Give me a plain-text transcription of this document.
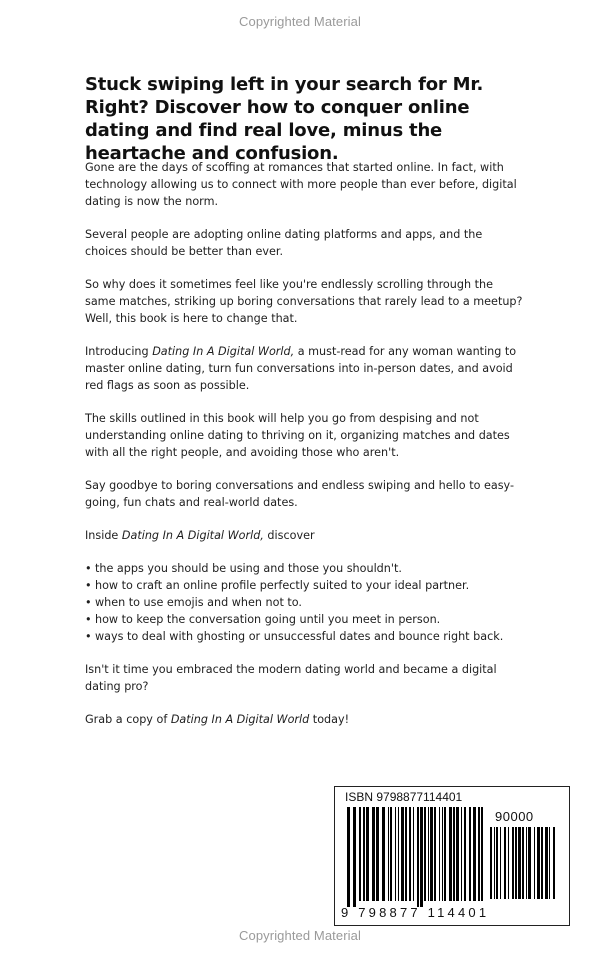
Copyrighted Material
Stuck swiping left in your search for Mr. Right? Discover how to conquer online dating and find real love, minus the heartache and confusion.

Gone are the days of scoffing at romances that started online. In fact, with technology allowing us to connect with more people than ever before, digital dating is now the norm.

Several people are adopting online dating platforms and apps, and the choices should be better than ever.

So why does it sometimes feel like you're endlessly scrolling through the same matches, striking up boring conversations that rarely lead to a meetup? Well, this book is here to change that.

Introducing Dating In A Digital World, a must-read for any woman wanting to master online dating, turn fun conversations into in-person dates, and avoid red flags as soon as possible.

The skills outlined in this book will help you go from despising and not understanding online dating to thriving on it, organizing matches and dates with all the right people, and avoiding those who aren't.

Say goodbye to boring conversations and endless swiping and hello to easy-going, fun chats and real-world dates.

Inside Dating In A Digital World, discover

• the apps you should be using and those you shouldn't.
• how to craft an online profile perfectly suited to your ideal partner.
• when to use emojis and when not to.
• how to keep the conversation going until you meet in person.
• ways to deal with ghosting or unsuccessful dates and bounce right back.

Isn't it time you embraced the modern dating world and became a digital dating pro?

Grab a copy of Dating In A Digital World today!

ISBN 9798877114401
90000
9 798877 114401
Copyrighted Material
